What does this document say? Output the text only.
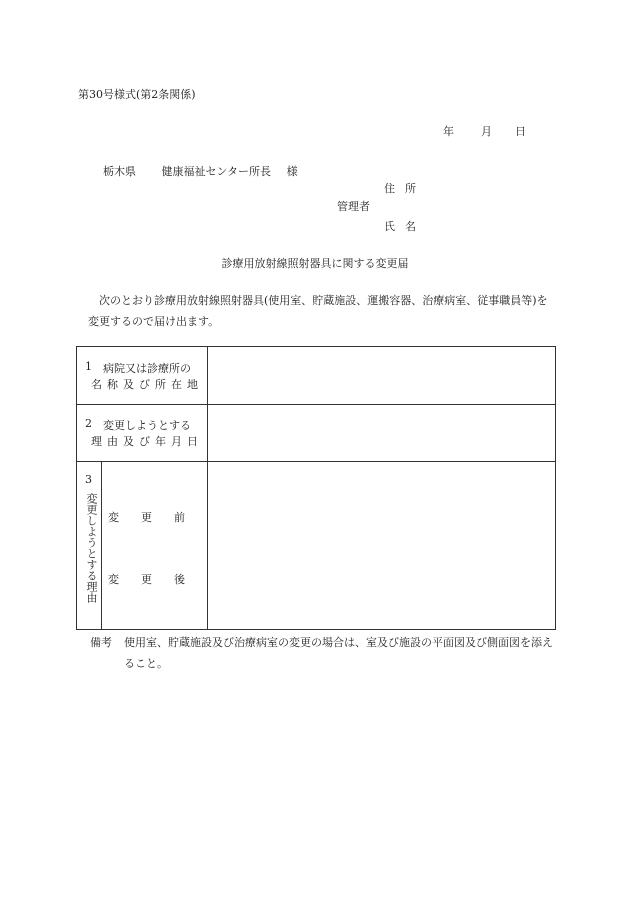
第30号様式(第2条関係)
年 月 日
栃木県 健康福祉センター所長 様
住所
管理者
氏名
診療用放射線照射器具に関する変更届
次のとおり診療用放射線照射器具(使用室、貯蔵施設、運搬容器、治療病室、従事職員等)を変更するので届け出ます。
1 病院又は診療所の
名称及び所在地
2 変更しようとする
理由及び年月日
3
変更しようとする理由 変　　更　　前
変　　更　　後
備考 使用室、貯蔵施設及び治療病室の変更の場合は、室及び施設の平面図及び側面図を添えること。
